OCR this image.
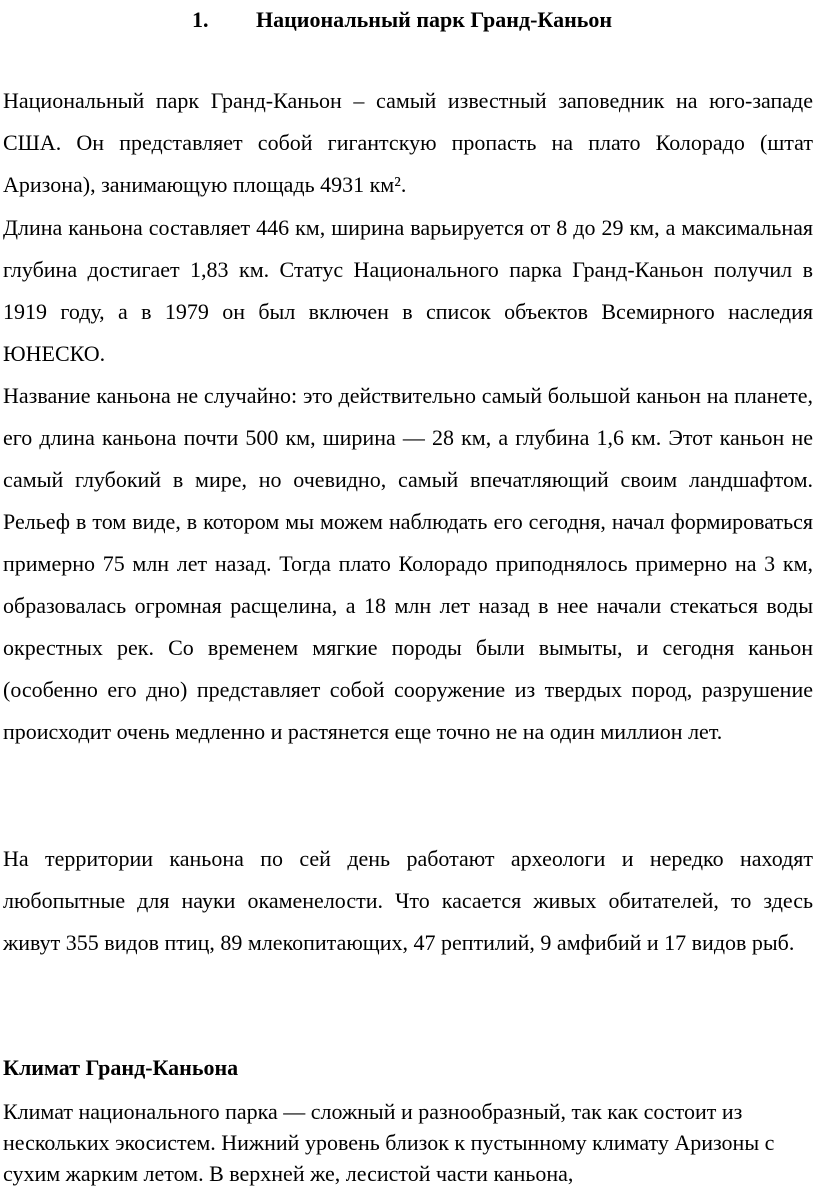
1. Национальный парк Гранд-Каньон

Национальный парк Гранд-Каньон – самый известный заповедник на юго-западе США. Он представляет собой гигантскую пропасть на плато Колорадо (штат Аризона), занимающую площадь 4931 км².

Длина каньона составляет 446 км, ширина варьируется от 8 до 29 км, а максимальная глубина достигает 1,83 км. Статус Национального парка Гранд-Каньон получил в 1919 году, а в 1979 он был включен в список объектов Всемирного наследия ЮНЕСКО.

Название каньона не случайно: это действительно самый большой каньон на планете, его длина каньона почти 500 км, ширина — 28 км, а глубина 1,6 км. Этот каньон не самый глубокий в мире, но очевидно, самый впечатляющий своим ландшафтом. Рельеф в том виде, в котором мы можем наблюдать его сегодня, начал формироваться примерно 75 млн лет назад. Тогда плато Колорадо приподнялось примерно на 3 км, образовалась огромная расщелина, а 18 млн лет назад в нее начали стекаться воды окрестных рек. Со временем мягкие породы были вымыты, и сегодня каньон (особенно его дно) представляет собой сооружение из твердых пород, разрушение происходит очень медленно и растянется еще точно не на один миллион лет.

На территории каньона по сей день работают археологи и нередко находят любопытные для науки окаменелости. Что касается живых обитателей, то здесь живут 355 видов птиц, 89 млекопитающих, 47 рептилий, 9 амфибий и 17 видов рыб.

Климат Гранд-Каньона

Климат национального парка — сложный и разнообразный, так как состоит из нескольких экосистем. Нижний уровень близок к пустынному климату Аризоны с сухим жарким летом. В верхней же, лесистой части каньона,
